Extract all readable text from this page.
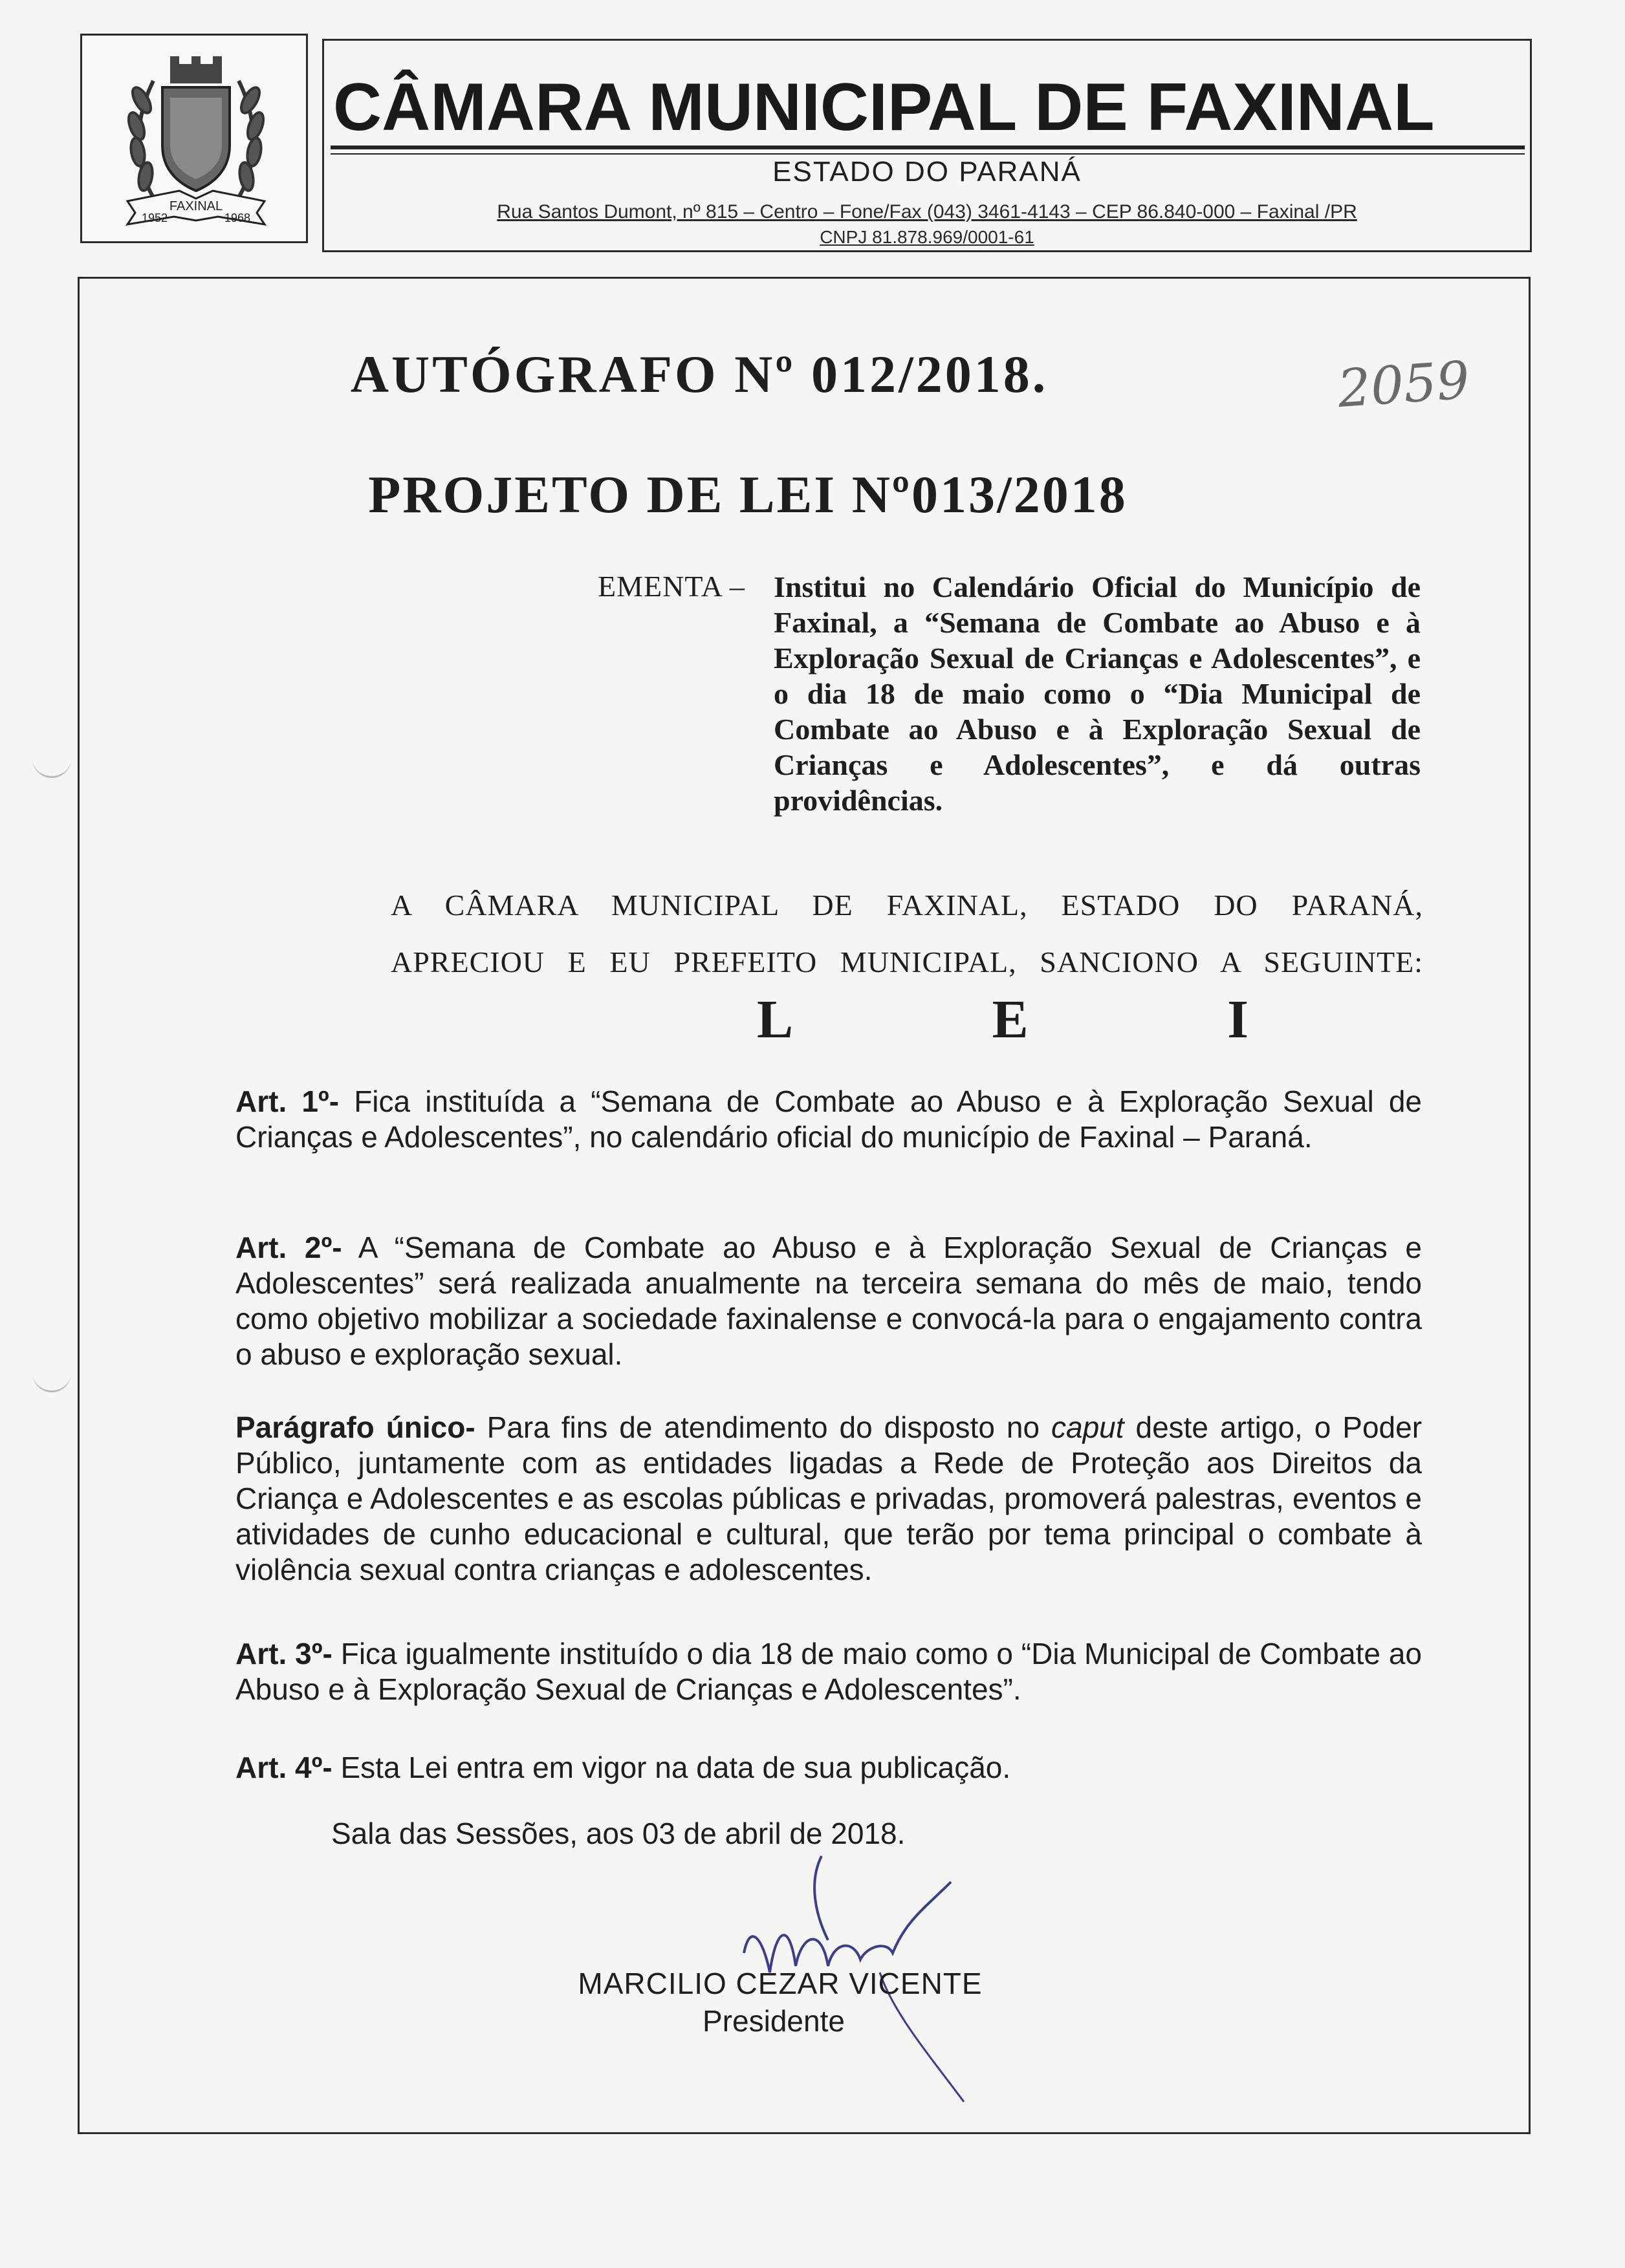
FAXINAL
1952	1968
CÂMARA MUNICIPAL DE FAXINAL
ESTADO DO PARANÁ
Rua Santos Dumont, nº 815 – Centro – Fone/Fax (043) 3461-4143 – CEP 86.840-000 – Faxinal /PR
CNPJ 81.878.969/0001-61
AUTÓGRAFO Nº 012/2018.	2059
PROJETO DE LEI Nº013/2018
EMENTA – Institui no Calendário Oficial do Município de Faxinal, a “Semana de Combate ao Abuso e à Exploração Sexual de Crianças e Adolescentes”, e o dia 18 de maio como o “Dia Municipal de Combate ao Abuso e à Exploração Sexual de Crianças e Adolescentes”, e dá outras providências.
A CÂMARA MUNICIPAL DE FAXINAL, ESTADO DO PARANÁ,
APRECIOU E EU PREFEITO MUNICIPAL, SANCIONO A SEGUINTE:
L	E	I
Art. 1º- Fica instituída a “Semana de Combate ao Abuso e à Exploração Sexual de Crianças e Adolescentes”, no calendário oficial do município de Faxinal – Paraná.
Art. 2º- A “Semana de Combate ao Abuso e à Exploração Sexual de Crianças e Adolescentes” será realizada anualmente na terceira semana do mês de maio, tendo como objetivo mobilizar a sociedade faxinalense e convocá-la para o engajamento contra o abuso e exploração sexual.
Parágrafo único- Para fins de atendimento do disposto no caput deste artigo, o Poder Público, juntamente com as entidades ligadas a Rede de Proteção aos Direitos da Criança e Adolescentes e as escolas públicas e privadas, promoverá palestras, eventos e atividades de cunho educacional e cultural, que terão por tema principal o combate à violência sexual contra crianças e adolescentes.
Art. 3º- Fica igualmente instituído o dia 18 de maio como o “Dia Municipal de Combate ao Abuso e à Exploração Sexual de Crianças e Adolescentes”.
Art. 4º- Esta Lei entra em vigor na data de sua publicação.
Sala das Sessões, aos 03 de abril de 2018.
MARCILIO CEZAR VICENTE
Presidente
